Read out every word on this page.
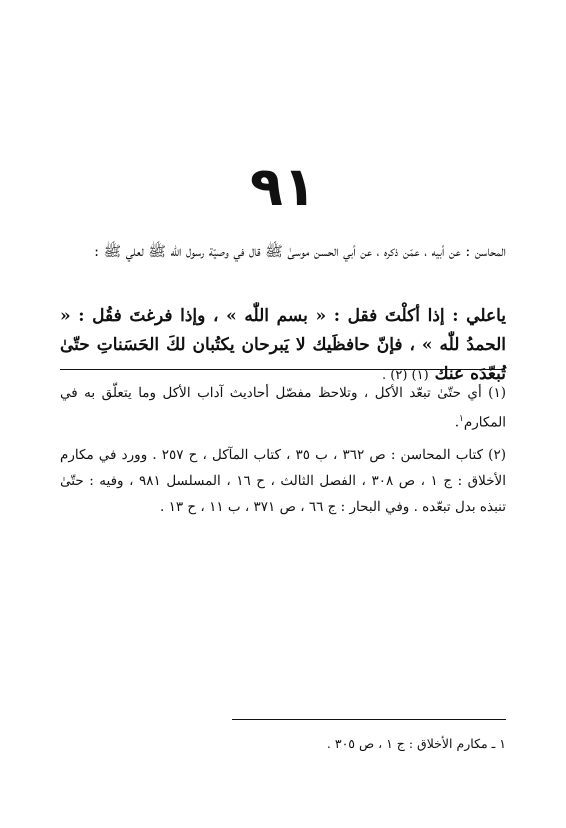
٩١
المحاسن : عن أبيه ، عمّن ذكره ، عن أبي الحسن موسىٰ ﷺ قال في وصيّة رسول الله ﷺ لعلي ﷺ :
ياعلي : إذا أكلْتَ فقل : « بسم اللّٰه » ، وإذا فرغتَ فقُل : « الحمدُ للّٰه » ، فإنّ حافظَيك لا يَبرحان يكتُبان لكَ الحَسَناتِ حتّىٰ تُبعّدَه عنك (١) (٢) .

(١) أي حتّىٰ تبعّد الأكل ، وتلاحظ مفصّل أحاديث آداب الأكل وما يتعلّق به في المكارم$^١$.

(٢) كتاب المحاسن : ص ٣٦٢ ، ب ٣٥ ، كتاب المآكل ، ح ٢٥٧ . وورد في مكارم الأخلاق : ج ١ ، ص ٣٠٨ ، الفصل الثالث ، ح ١٦ ، المسلسل ٩٨١ ، وفيه : حتّىٰ تنبذه بدل تبعّده . وفي البحار : ج ٦٦ ، ص ٣٧١ ، ب ١١ ، ح ١٣ .

١ ـ مكارم الأخلاق : ج ١ ، ص ٣٠٥ .
